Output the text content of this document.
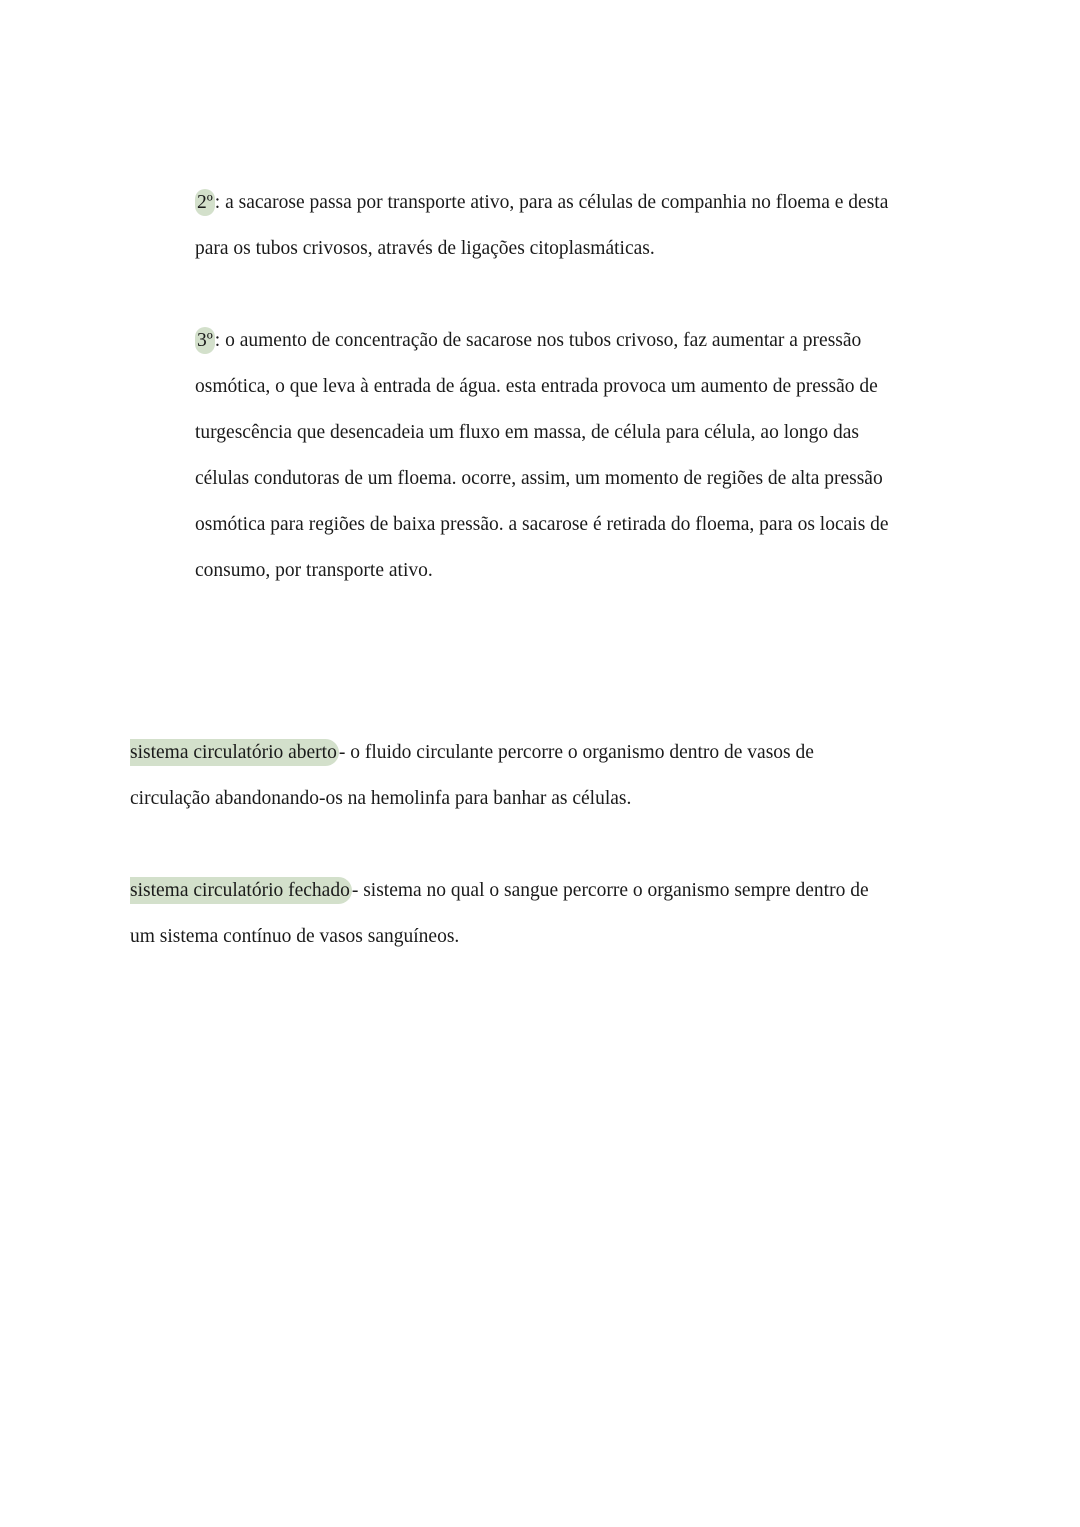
2º : a sacarose passa por transporte ativo, para as células de companhia no floema e desta
para os tubos crivosos, através de ligações citoplasmáticas.

3º : o aumento de concentração de sacarose nos tubos crivoso, faz aumentar a pressão
osmótica, o que leva à entrada de água. esta entrada provoca um aumento de pressão de
turgescência que desencadeia um fluxo em massa, de célula para célula, ao longo das
células condutoras de um floema. ocorre, assim, um momento de regiões de alta pressão
osmótica para regiões de baixa pressão. a sacarose é retirada do floema, para os locais de
consumo, por transporte ativo.

sistema circulatório aberto - o fluido circulante percorre o organismo dentro de vasos de
circulação abandonando-os na hemolinfa para banhar as células.

sistema circulatório fechado - sistema no qual o sangue percorre o organismo sempre dentro de
um sistema contínuo de vasos sanguíneos.
